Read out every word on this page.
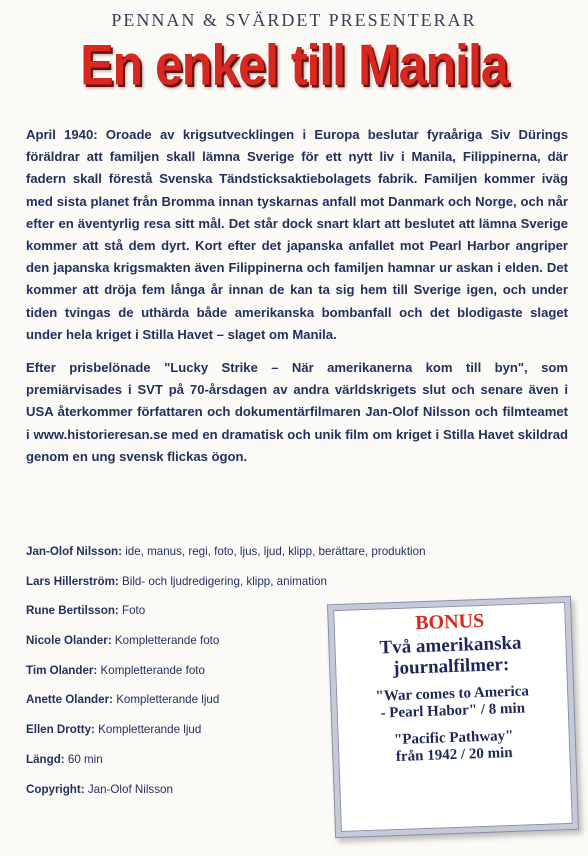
PENNAN & SVÄRDET PRESENTERAR
En enkel till Manila

April 1940: Oroade av krigsutvecklingen i Europa beslutar fyraåriga Siv Dürings föräldrar att familjen skall lämna Sverige för ett nytt liv i Manila, Filippinerna, där fadern skall förestå Svenska Tändsticksaktiebolagets fabrik. Familjen kommer iväg med sista planet från Bromma innan tyskarnas anfall mot Danmark och Norge, och når efter en äventyrlig resa sitt mål. Det står dock snart klart att beslutet att lämna Sverige kommer att stå dem dyrt. Kort efter det japanska anfallet mot Pearl Harbor angriper den japanska krigsmakten även Filippinerna och familjen hamnar ur askan i elden. Det kommer att dröja fem långa år innan de kan ta sig hem till Sverige igen, och under tiden tvingas de uthärda både amerikanska bombanfall och det blodigaste slaget under hela kriget i Stilla Havet – slaget om Manila.

Efter prisbelönade "Lucky Strike – När amerikanerna kom till byn", som premiärvisades i SVT på 70-årsdagen av andra världskrigets slut och senare även i USA återkommer författaren och dokumentärfilmaren Jan-Olof Nilsson och filmteamet i www.historieresan.se med en dramatisk och unik film om kriget i Stilla Havet skildrad genom en ung svensk flickas ögon.

Jan-Olof Nilsson: ide, manus, regi, foto, ljus, ljud, klipp, berättare, produktion
Lars Hillerström: Bild- och ljudredigering, klipp, animation
Rune Bertilsson: Foto
Nicole Olander: Kompletterande foto
Tim Olander: Kompletterande foto
Anette Olander: Kompletterande ljud
Ellen Drotty: Kompletterande ljud
Längd: 60 min
Copyright: Jan-Olof Nilsson
BONUS
Två amerikanska
journalfilmer:
"War comes to America
- Pearl Habor" / 8 min
"Pacific Pathway"
från 1942 / 20 min
